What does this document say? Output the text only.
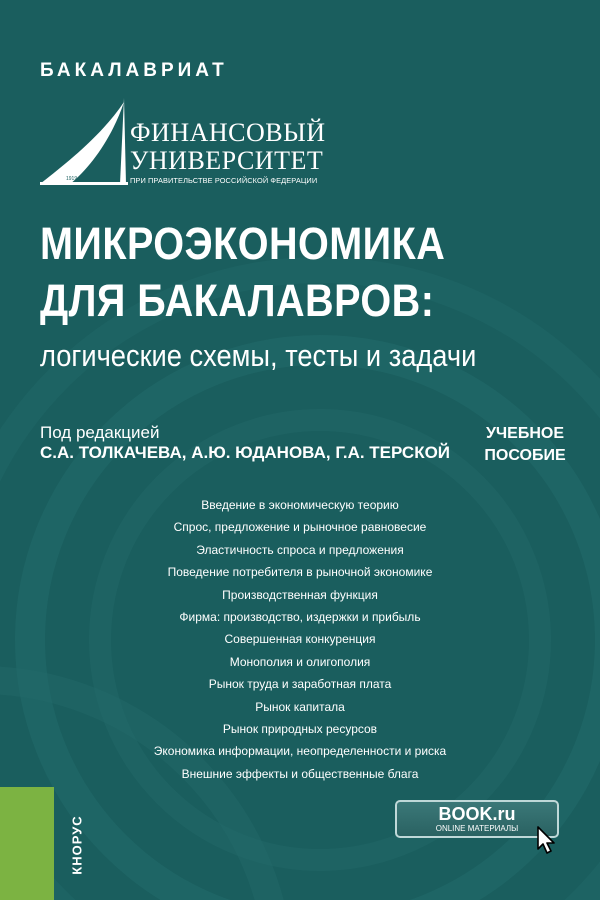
БАКАЛАВРИАТ
1919
ФИНАНСОВЫЙ
УНИВЕРСИТЕТ
ПРИ ПРАВИТЕЛЬСТВЕ РОССИЙСКОЙ ФЕДЕРАЦИИ
МИКРОЭКОНОМИКА
ДЛЯ БАКАЛАВРОВ:
логические схемы, тесты и задачи
Под редакцией
С.А. ТОЛКАЧЕВА, А.Ю. ЮДАНОВА, Г.А. ТЕРСКОЙ
УЧЕБНОЕ
ПОСОБИЕ
Введение в экономическую теорию
Спрос, предложение и рыночное равновесие
Эластичность спроса и предложения
Поведение потребителя в рыночной экономике
Производственная функция
Фирма: производство, издержки и прибыль
Совершенная конкуренция
Монополия и олигополия
Рынок труда и заработная плата
Рынок капитала
Рынок природных ресурсов
Экономика информации, неопределенности и риска
Внешние эффекты и общественные блага
КНОРУС
BOOK.ru
ONLINE МАТЕРИАЛЫ
